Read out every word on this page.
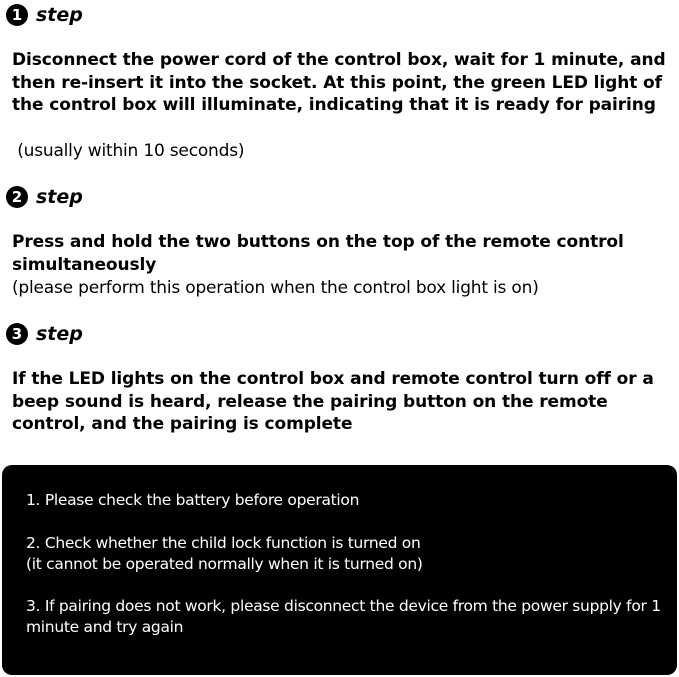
1 step
Disconnect the power cord of the control box, wait for 1 minute, and then re-insert it into the socket. At this point, the green LED light of the control box will illuminate, indicating that it is ready for pairing
(usually within 10 seconds)
2 step
Press and hold the two buttons on the top of the remote control simultaneously
(please perform this operation when the control box light is on)
3 step
If the LED lights on the control box and remote control turn off or a beep sound is heard, release the pairing button on the remote control, and the pairing is complete
1. Please check the battery before operation
2. Check whether the child lock function is turned on
(it cannot be operated normally when it is turned on)
3. If pairing does not work, please disconnect the device from the power supply for 1 minute and try again
